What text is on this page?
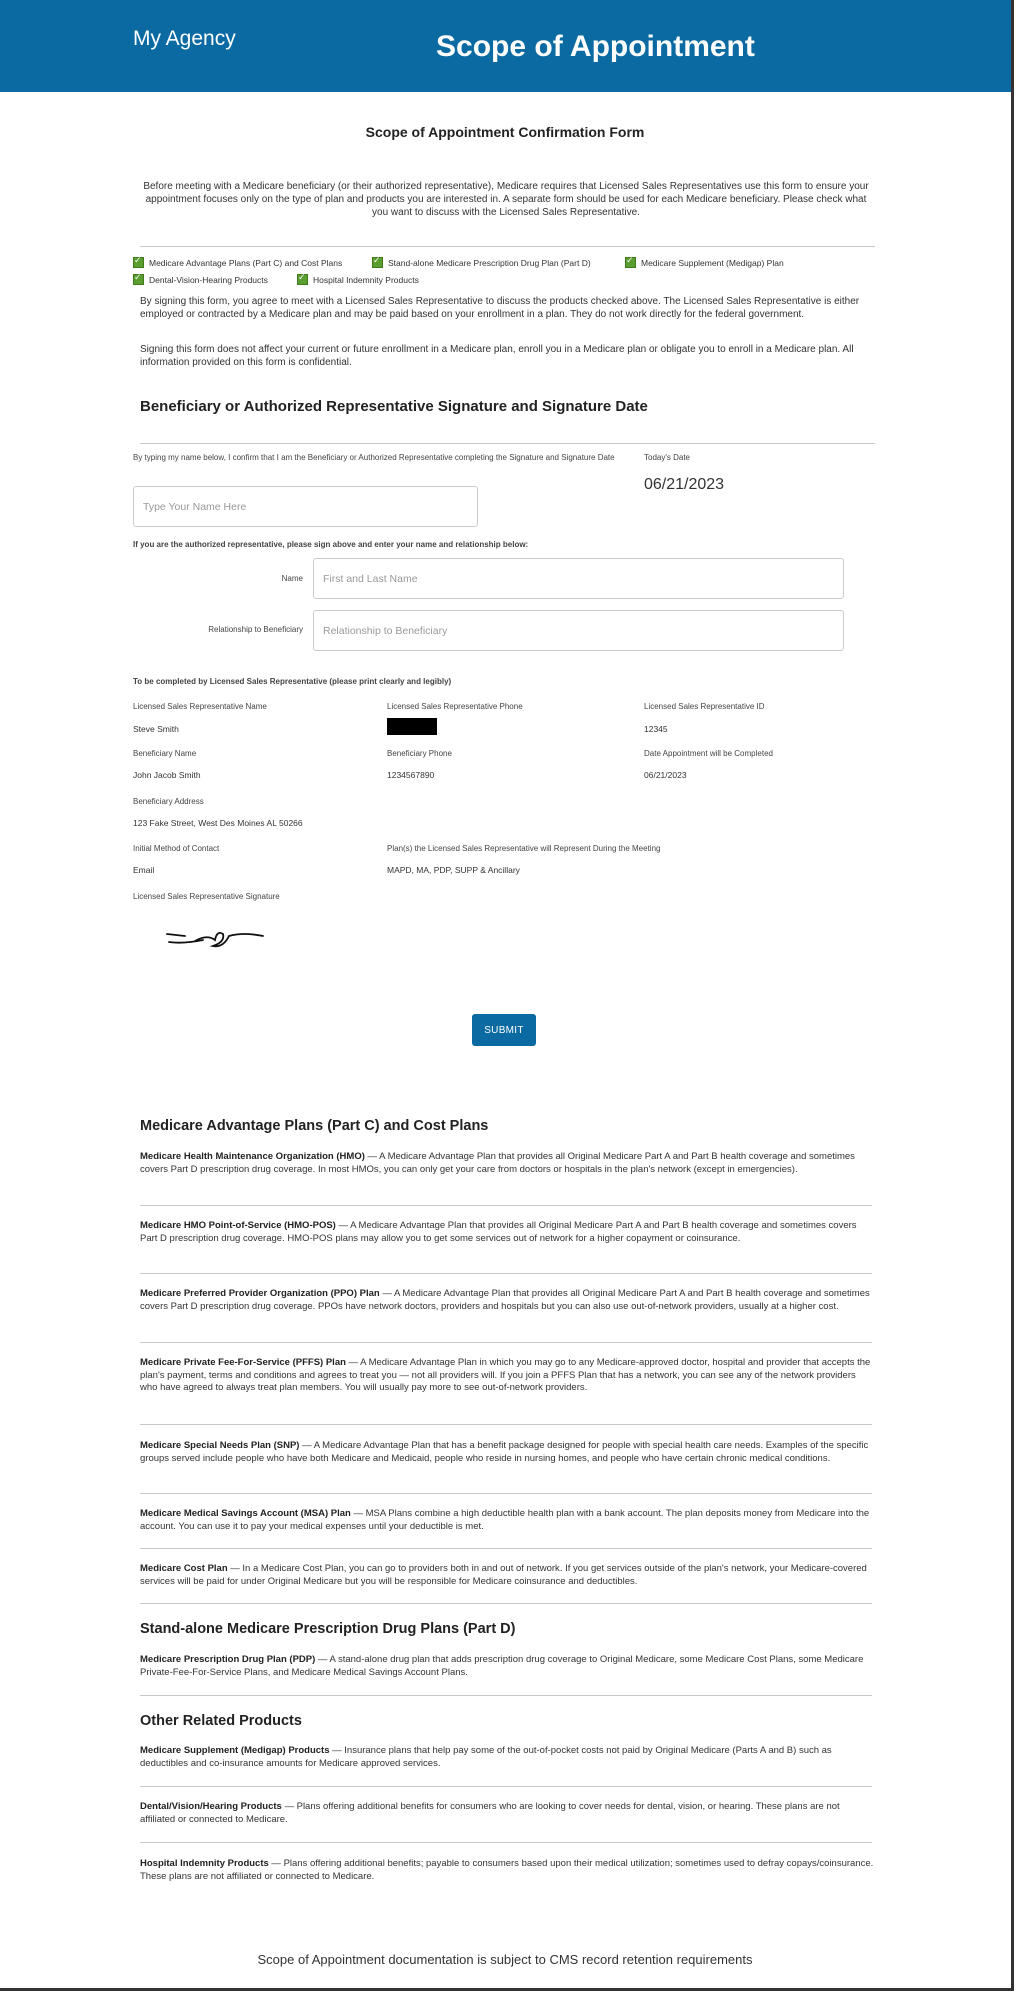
My Agency	Scope of Appointment
Scope of Appointment Confirmation Form
Before meeting with a Medicare beneficiary (or their authorized representative), Medicare requires that Licensed Sales Representatives use this form to ensure your appointment focuses only on the type of plan and products you are interested in. A separate form should be used for each Medicare beneficiary. Please check what you want to discuss with the Licensed Sales Representative.
✓
Medicare Advantage Plans (Part C) and Cost Plans ✓	Stand-alone Medicare Prescription Drug Plan (Part D) ✓	Medicare Supplement (Medigap) Plan
✓
Dental-Vision-Hearing Products ✓	Hospital Indemnity Products
By signing this form, you agree to meet with a Licensed Sales Representative to discuss the products checked above. The Licensed Sales Representative is either employed or contracted by a Medicare plan and may be paid based on your enrollment in a plan. They do not work directly for the federal government.
Signing this form does not affect your current or future enrollment in a Medicare plan, enroll you in a Medicare plan or obligate you to enroll in a Medicare plan. All information provided on this form is confidential.
Beneficiary or Authorized Representative Signature and Signature Date
By typing my name below, I confirm that I am the Beneficiary or Authorized Representative completing the Signature and Signature Date	Today's Date
06/21/2023
Type Your Name Here
If you are the authorized representative, please sign above and enter your name and relationship below:
Name First and Last Name
Relationship to Beneficiary Relationship to Beneficiary
To be completed by Licensed Sales Representative (please print clearly and legibly)
Licensed Sales Representative Name
Steve Smith
Licensed Sales Representative Phone	Licensed Sales Representative ID
12345
Beneficiary Name
John Jacob Smith
Beneficiary Phone
1234567890
Date Appointment will be Completed
06/21/2023
Beneficiary Address
123 Fake Street, West Des Moines AL 50266
Initial Method of Contact
Email
Plan(s) the Licensed Sales Representative will Represent During the Meeting
MAPD, MA, PDP, SUPP & Ancillary
Licensed Sales Representative Signature
SUBMIT
Medicare Advantage Plans (Part C) and Cost Plans
Medicare Health Maintenance Organization (HMO) — A Medicare Advantage Plan that provides all Original Medicare Part A and Part B health coverage and sometimes covers Part D prescription drug coverage. In most HMOs, you can only get your care from doctors or hospitals in the plan's network (except in emergencies).
Medicare HMO Point-of-Service (HMO-POS) — A Medicare Advantage Plan that provides all Original Medicare Part A and Part B health coverage and sometimes covers Part D prescription drug coverage. HMO-POS plans may allow you to get some services out of network for a higher copayment or coinsurance.
Medicare Preferred Provider Organization (PPO) Plan — A Medicare Advantage Plan that provides all Original Medicare Part A and Part B health coverage and sometimes covers Part D prescription drug coverage. PPOs have network doctors, providers and hospitals but you can also use out-of-network providers, usually at a higher cost.
Medicare Private Fee-For-Service (PFFS) Plan — A Medicare Advantage Plan in which you may go to any Medicare-approved doctor, hospital and provider that accepts the plan's payment, terms and conditions and agrees to treat you — not all providers will. If you join a PFFS Plan that has a network, you can see any of the network providers who have agreed to always treat plan members. You will usually pay more to see out-of-network providers.
Medicare Special Needs Plan (SNP) — A Medicare Advantage Plan that has a benefit package designed for people with special health care needs. Examples of the specific groups served include people who have both Medicare and Medicaid, people who reside in nursing homes, and people who have certain chronic medical conditions.
Medicare Medical Savings Account (MSA) Plan — MSA Plans combine a high deductible health plan with a bank account. The plan deposits money from Medicare into the account. You can use it to pay your medical expenses until your deductible is met.
Medicare Cost Plan — In a Medicare Cost Plan, you can go to providers both in and out of network. If you get services outside of the plan's network, your Medicare-covered services will be paid for under Original Medicare but you will be responsible for Medicare coinsurance and deductibles.
Stand-alone Medicare Prescription Drug Plans (Part D)
Medicare Prescription Drug Plan (PDP) — A stand-alone drug plan that adds prescription drug coverage to Original Medicare, some Medicare Cost Plans, some Medicare Private-Fee-For-Service Plans, and Medicare Medical Savings Account Plans.
Other Related Products
Medicare Supplement (Medigap) Products — Insurance plans that help pay some of the out-of-pocket costs not paid by Original Medicare (Parts A and B) such as deductibles and co-insurance amounts for Medicare approved services.
Dental/Vision/Hearing Products — Plans offering additional benefits for consumers who are looking to cover needs for dental, vision, or hearing. These plans are not affiliated or connected to Medicare.
Hospital Indemnity Products — Plans offering additional benefits; payable to consumers based upon their medical utilization; sometimes used to defray copays/coinsurance. These plans are not affiliated or connected to Medicare.
Scope of Appointment documentation is subject to CMS record retention requirements
